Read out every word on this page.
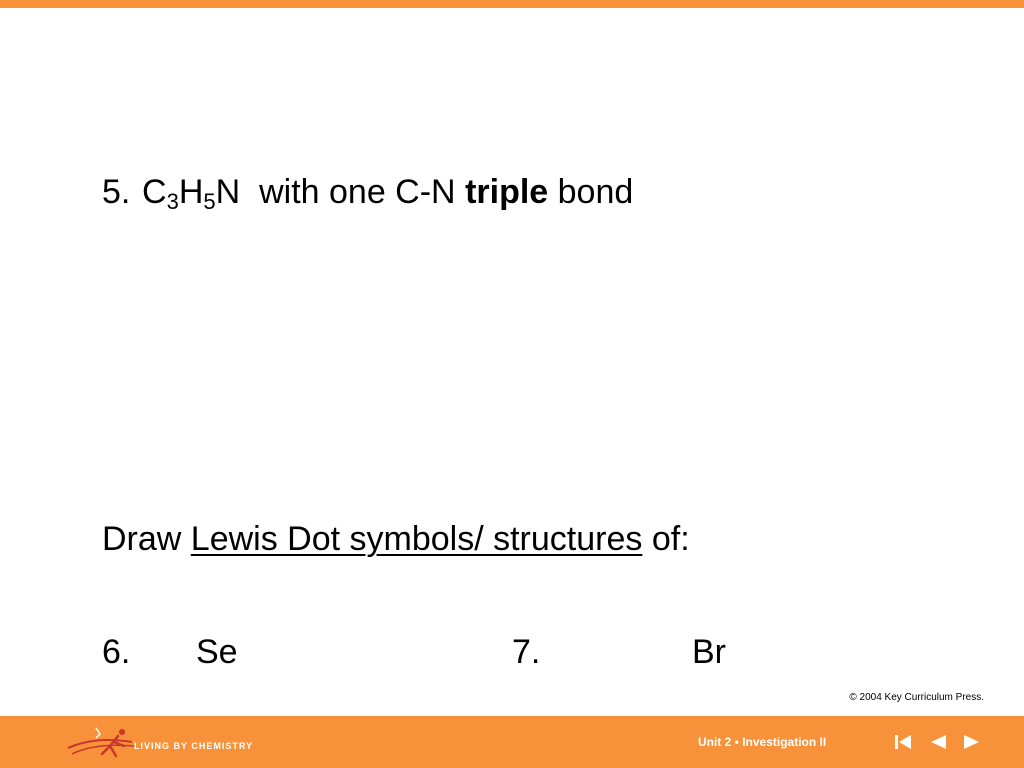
5. $C_3H_5N$ with one C-N triple bond
Draw Lewis Dot symbols/ structures of:
6. Se	7.	Br
© 2004 Key Curriculum Press.
LIVING BY CHEMISTRY	Unit 2 • Investigation II
